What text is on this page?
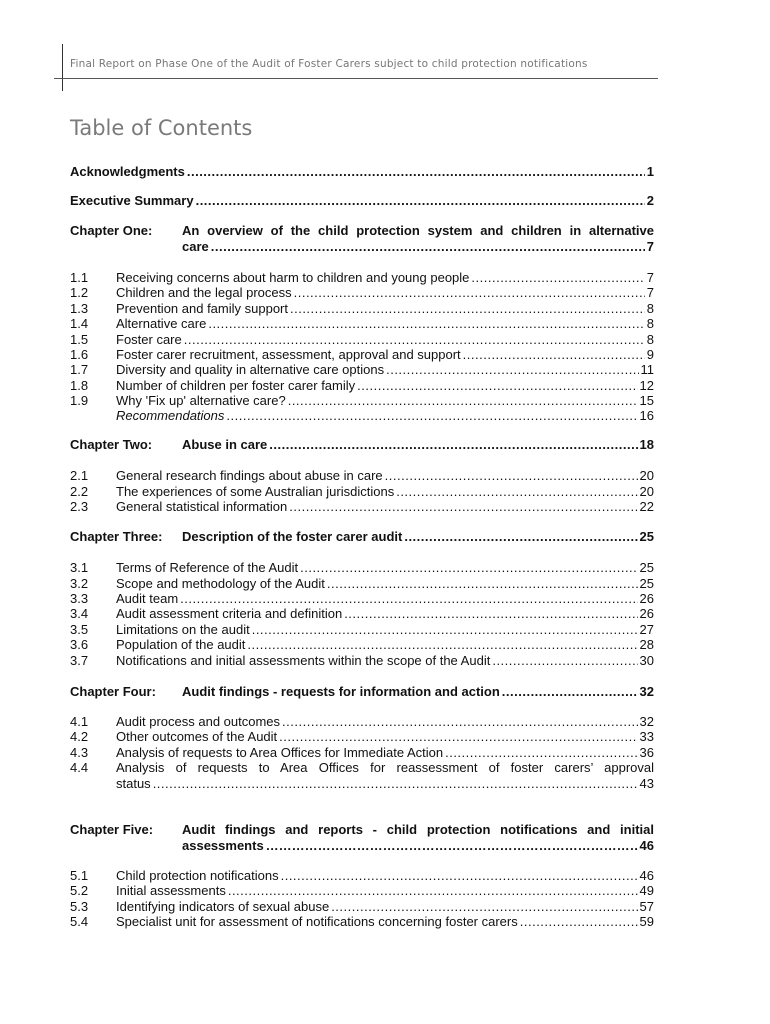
Final Report on Phase One of the Audit of Foster Carers subject to child protection notifications
Table of Contents
Acknowledgments .....	1
Executive Summary .....	2
Chapter One: An overview of the child protection system and children in alternative
care .....	7
1.1 Receiving concerns about harm to children and young people .....	7
1.2 Children and the legal process .....	7
1.3 Prevention and family support .....	8
1.4 Alternative care .....	8
1.5 Foster care .....	8
1.6 Foster carer recruitment, assessment, approval and support .....	9
1.7 Diversity and quality in alternative care options .....	11
1.8 Number of children per foster carer family .....	12
1.9 Why 'Fix up' alternative care? .....	15
Recommendations .....	16
Chapter Two:	Abuse in care .....	18
2.1 General research findings about abuse in care .....	20
2.2 The experiences of some Australian jurisdictions .....	20
2.3 General statistical information .....	22
Chapter Three:	Description of the foster carer audit .....	25
3.1 Terms of Reference of the Audit .....	25
3.2 Scope and methodology of the Audit .....	25
3.3 Audit team .....	26
3.4 Audit assessment criteria and definition .....	26
3.5 Limitations on the audit .....	27
3.6 Population of the audit .....	28
3.7 Notifications and initial assessments within the scope of the Audit .....	30
Chapter Four:	Audit findings - requests for information and action .....	32
4.1 Audit process and outcomes .....	32
4.2 Other outcomes of the Audit .....	33
4.3 Analysis of requests to Area Offices for Immediate Action .....	36
4.4 Analysis of requests to Area Offices for reassessment of foster carers’ approval
status .....	43
Chapter Five: Audit findings and reports - child protection notifications and initial
assessments …………………………………………………………………………………………………………………………………………	46
5.1 Child protection notifications .....	46
5.2 Initial assessments .....	49
5.3 Identifying indicators of sexual abuse .....	57
5.4 Specialist unit for assessment of notifications concerning foster carers .....	59
